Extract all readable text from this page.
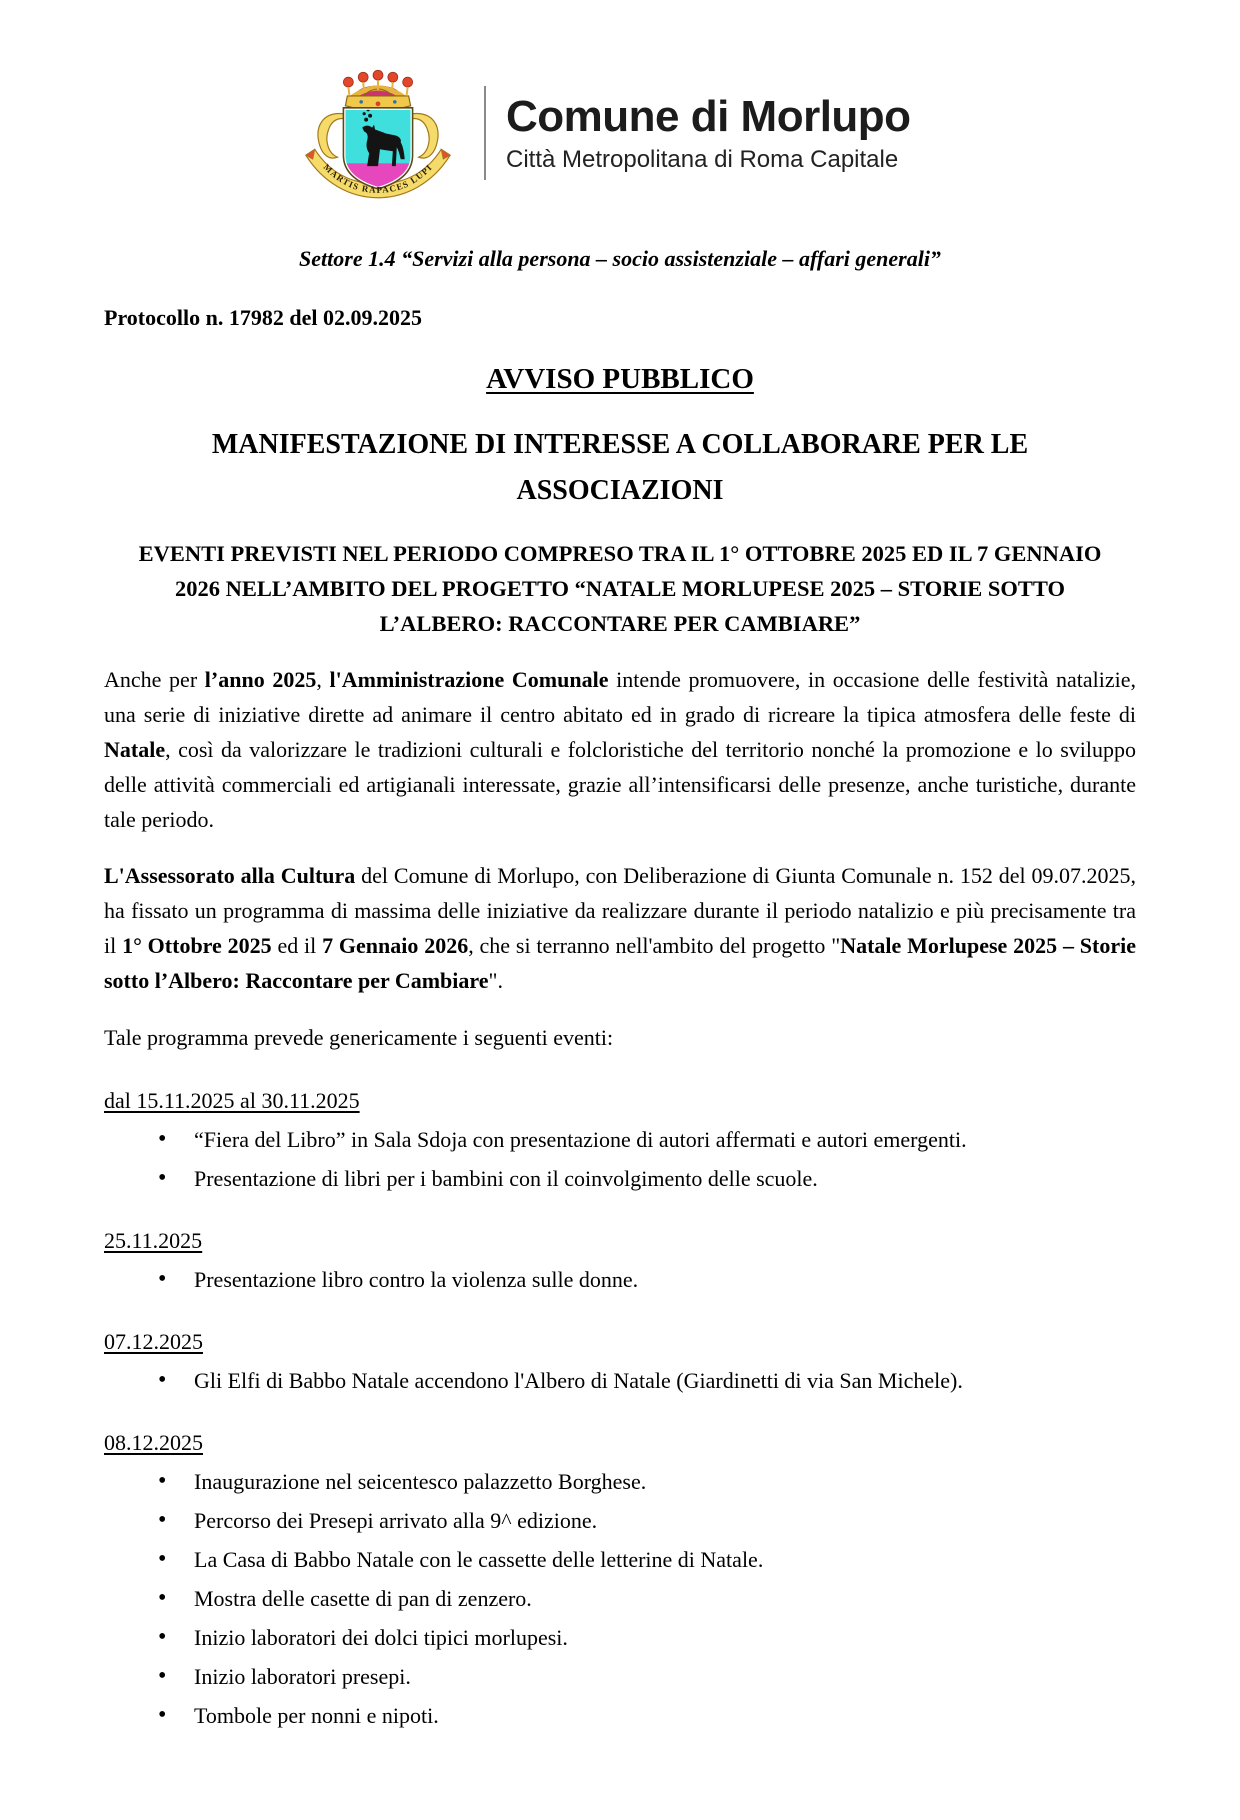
MARTIS RAPACES LUPI
Comune di Morlupo
Città Metropolitana di Roma Capitale

Settore 1.4 “Servizi alla persona – socio assistenziale – affari generali”

Protocollo n. 17982 del 02.09.2025

AVVISO PUBBLICO
MANIFESTAZIONE DI INTERESSE A COLLABORARE PER LE ASSOCIAZIONI
EVENTI PREVISTI NEL PERIODO COMPRESO TRA IL 1° OTTOBRE 2025 ED IL 7 GENNAIO 2026 NELL’AMBITO DEL PROGETTO “NATALE MORLUPESE 2025 – STORIE SOTTO L’ALBERO: RACCONTARE PER CAMBIARE”

Anche per l’anno 2025, l'Amministrazione Comunale intende promuovere, in occasione delle festività natalizie, una serie di iniziative dirette ad animare il centro abitato ed in grado di ricreare la tipica atmosfera delle feste di Natale, così da valorizzare le tradizioni culturali e folcloristiche del territorio nonché la promozione e lo sviluppo delle attività commerciali ed artigianali interessate, grazie all’intensificarsi delle presenze, anche turistiche, durante tale periodo.

L'Assessorato alla Cultura del Comune di Morlupo, con Deliberazione di Giunta Comunale n. 152 del 09.07.2025, ha fissato un programma di massima delle iniziative da realizzare durante il periodo natalizio e più precisamente tra il 1° Ottobre 2025 ed il 7 Gennaio 2026, che si terranno nell'ambito del progetto "Natale Morlupese 2025 – Storie sotto l’Albero: Raccontare per Cambiare".

Tale programma prevede genericamente i seguenti eventi:

dal 15.11.2025 al 30.11.2025

• “Fiera del Libro” in Sala Sdoja con presentazione di autori affermati e autori emergenti.
• Presentazione di libri per i bambini con il coinvolgimento delle scuole.

25.11.2025

• Presentazione libro contro la violenza sulle donne.

07.12.2025

• Gli Elfi di Babbo Natale accendono l'Albero di Natale (Giardinetti di via San Michele).

08.12.2025

• Inaugurazione nel seicentesco palazzetto Borghese.
• Percorso dei Presepi arrivato alla 9^ edizione.
• La Casa di Babbo Natale con le cassette delle letterine di Natale.
• Mostra delle casette di pan di zenzero.
• Inizio laboratori dei dolci tipici morlupesi.
• Inizio laboratori presepi.
• Tombole per nonni e nipoti.
